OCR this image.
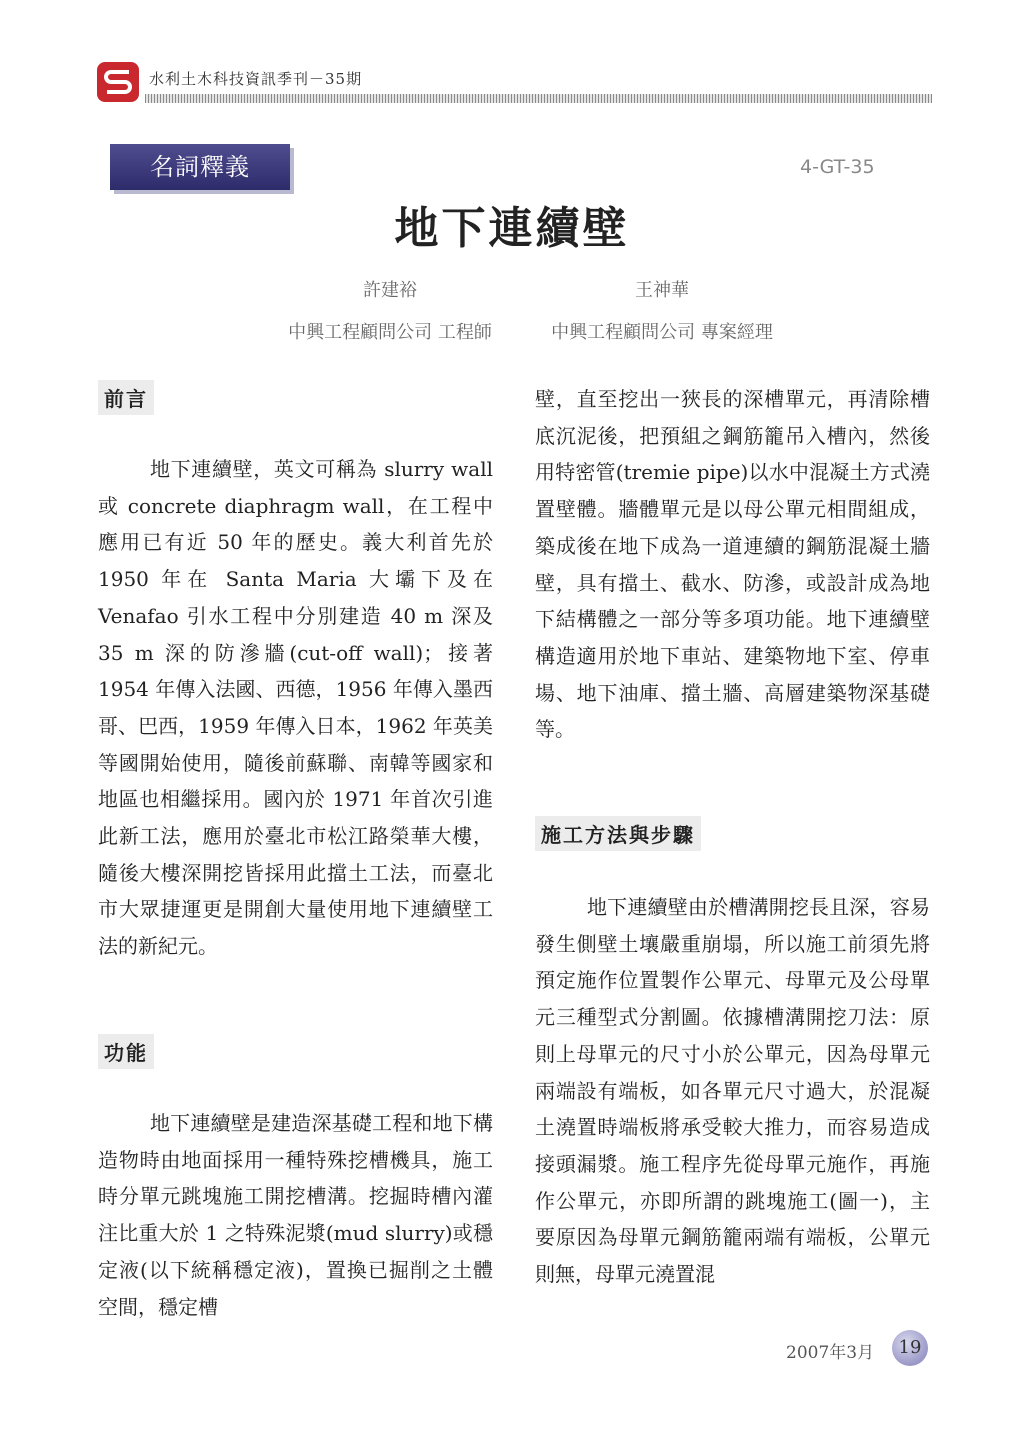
水利土木科技資訊季刊－35期
名詞釋義	4-GT-35
地下連續壁
許建裕
中興工程顧問公司 工程師
王神華
中興工程顧問公司 專案經理
前言

地下連續壁，英文可稱為 slurry wall 或 concrete diaphragm wall，在工程中應用已有近 50 年的歷史。義大利首先於 1950 年在 Santa Maria 大壩下及在 Venafao 引水工程中分別建造 40 m 深及 35 m 深的防滲牆(cut-off wall)；接著 1954 年傳入法國、西德，1956 年傳入墨西哥、巴西，1959 年傳入日本，1962 年英美等國開始使用，隨後前蘇聯、南韓等國家和地區也相繼採用。國內於 1971 年首次引進此新工法，應用於臺北市松江路榮華大樓，隨後大樓深開挖皆採用此擋土工法，而臺北市大眾捷運更是開創大量使用地下連續壁工法的新紀元。

功能

地下連續壁是建造深基礎工程和地下構造物時由地面採用一種特殊挖槽機具，施工時分單元跳塊施工開挖槽溝。挖掘時槽內灌注比重大於 1 之特殊泥漿(mud slurry)或穩定液(以下統稱穩定液)，置換已掘削之土體空間，穩定槽

壁，直至挖出一狹長的深槽單元，再清除槽底沉泥後，把預組之鋼筋籠吊入槽內，然後用特密管(tremie pipe)以水中混凝土方式澆置壁體。牆體單元是以母公單元相間組成，築成後在地下成為一道連續的鋼筋混凝土牆壁，具有擋土、截水、防滲，或設計成為地下結構體之一部分等多項功能。地下連續壁構造適用於地下車站、建築物地下室、停車場、地下油庫、擋土牆、高層建築物深基礎等。

施工方法與步驟

地下連續壁由於槽溝開挖長且深，容易發生側壁土壤嚴重崩塌，所以施工前須先將預定施作位置製作公單元、母單元及公母單元三種型式分割圖。依據槽溝開挖刀法：原則上母單元的尺寸小於公單元，因為母單元兩端設有端板，如各單元尺寸過大，於混凝土澆置時端板將承受較大推力，而容易造成接頭漏漿。施工程序先從母單元施作，再施作公單元，亦即所謂的跳塊施工(圖一)，主要原因為母單元鋼筋籠兩端有端板，公單元則無，母單元澆置混

2007年3月	19
